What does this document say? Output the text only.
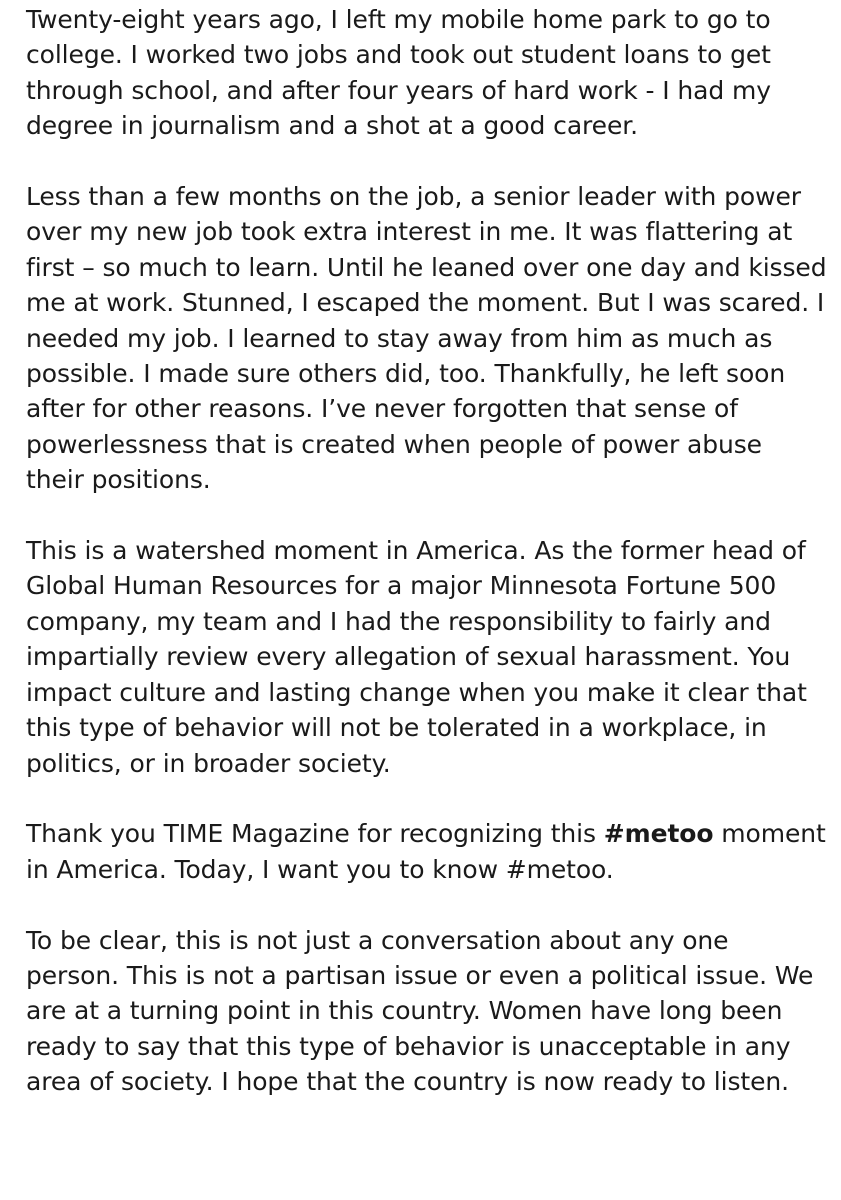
Twenty-eight years ago, I left my mobile home park to go to college. I worked two jobs and took out student loans to get through school, and after four years of hard work - I had my degree in journalism and a shot at a good career.

Less than a few months on the job, a senior leader with power over my new job took extra interest in me. It was flattering at first – so much to learn. Until he leaned over one day and kissed me at work. Stunned, I escaped the moment. But I was scared. I needed my job. I learned to stay away from him as much as possible. I made sure others did, too. Thankfully, he left soon after for other reasons. I’ve never forgotten that sense of powerlessness that is created when people of power abuse their positions.

This is a watershed moment in America. As the former head of Global Human Resources for a major Minnesota Fortune 500 company, my team and I had the responsibility to fairly and impartially review every allegation of sexual harassment. You impact culture and lasting change when you make it clear that this type of behavior will not be tolerated in a workplace, in politics, or in broader society.

Thank you TIME Magazine for recognizing this #metoo moment in America. Today, I want you to know #metoo.

To be clear, this is not just a conversation about any one person. This is not a partisan issue or even a political issue. We are at a turning point in this country. Women have long been ready to say that this type of behavior is unacceptable in any area of society. I hope that the country is now ready to listen.
